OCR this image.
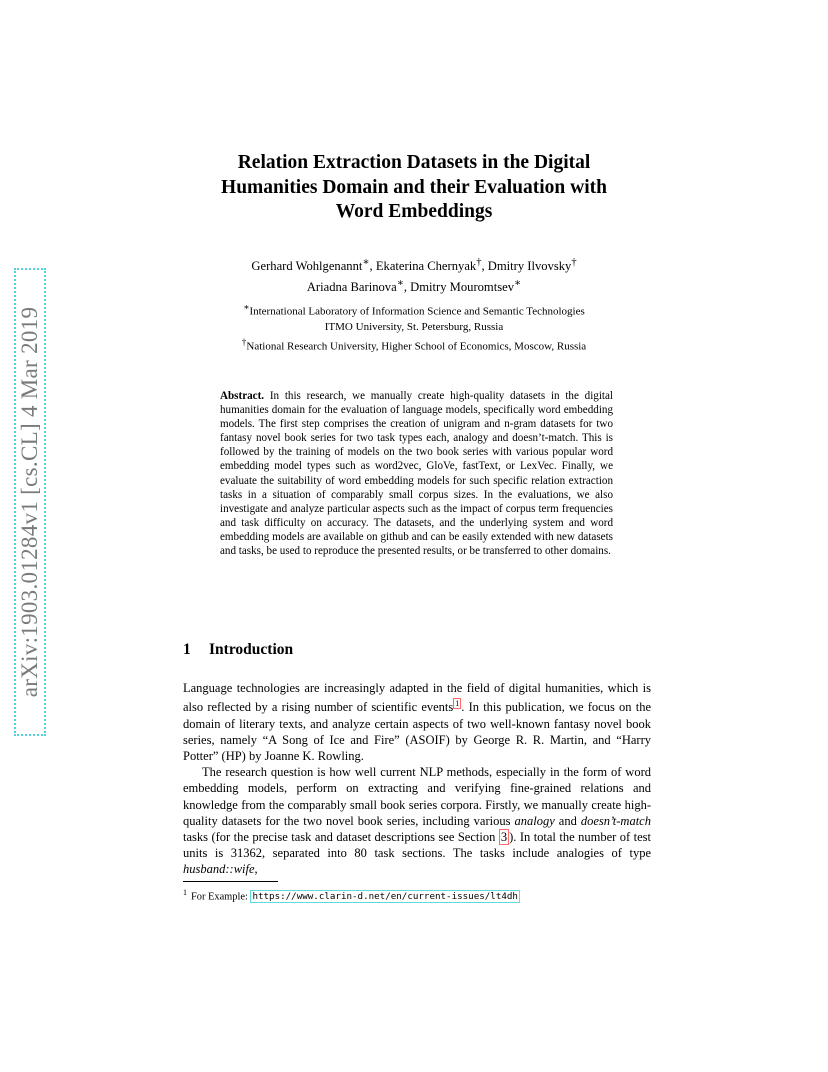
arXiv:1903.01284v1 [cs.CL] 4 Mar 2019
Relation Extraction Datasets in the Digital
Humanities Domain and their Evaluation with
Word Embeddings
Gerhard Wohlgenannt∗, Ekaterina Chernyak†, Dmitry Ilvovsky†
Ariadna Barinova∗, Dmitry Mouromtsev∗
∗International Laboratory of Information Science and Semantic Technologies
ITMO University, St. Petersburg, Russia
†National Research University, Higher School of Economics, Moscow, Russia
Abstract. In this research, we manually create high-quality datasets in the digital humanities domain for the evaluation of language models, specifically word embedding models. The first step comprises the creation of unigram and n-gram datasets for two fantasy novel book series for two task types each, analogy and doesn’t-match. This is followed by the training of models on the two book series with various popular word embedding model types such as word2vec, GloVe, fastText, or LexVec. Finally, we evaluate the suitability of word embedding models for such specific relation extraction tasks in a situation of comparably small corpus sizes. In the evaluations, we also investigate and analyze particular aspects such as the impact of corpus term frequencies and task difficulty on accuracy. The datasets, and the underlying system and word embedding models are available on github and can be easily extended with new datasets and tasks, be used to reproduce the presented results, or be transferred to other domains.
1 Introduction

Language technologies are increasingly adapted in the field of digital humanities, which is also reflected by a rising number of scientific events $^1$ . In this publication, we focus on the domain of literary texts, and analyze certain aspects of two well-known fantasy novel book series, namely “A Song of Ice and Fire” (ASOIF) by George R. R. Martin, and “Harry Potter” (HP) by Joanne K. Rowling.

The research question is how well current NLP methods, especially in the form of word embedding models, perform on extracting and verifying fine-grained relations and knowledge from the comparably small book series corpora. Firstly, we manually create high-quality datasets for the two novel book series, including various analogy and doesn’t-match tasks (for the precise task and dataset descriptions see Section 3 ). In total the number of test units is 31362, separated into 80 task sections. The tasks include analogies of type husband::wife,

$^1$ For Example: https://www.clarin-d.net/en/current-issues/lt4dh
